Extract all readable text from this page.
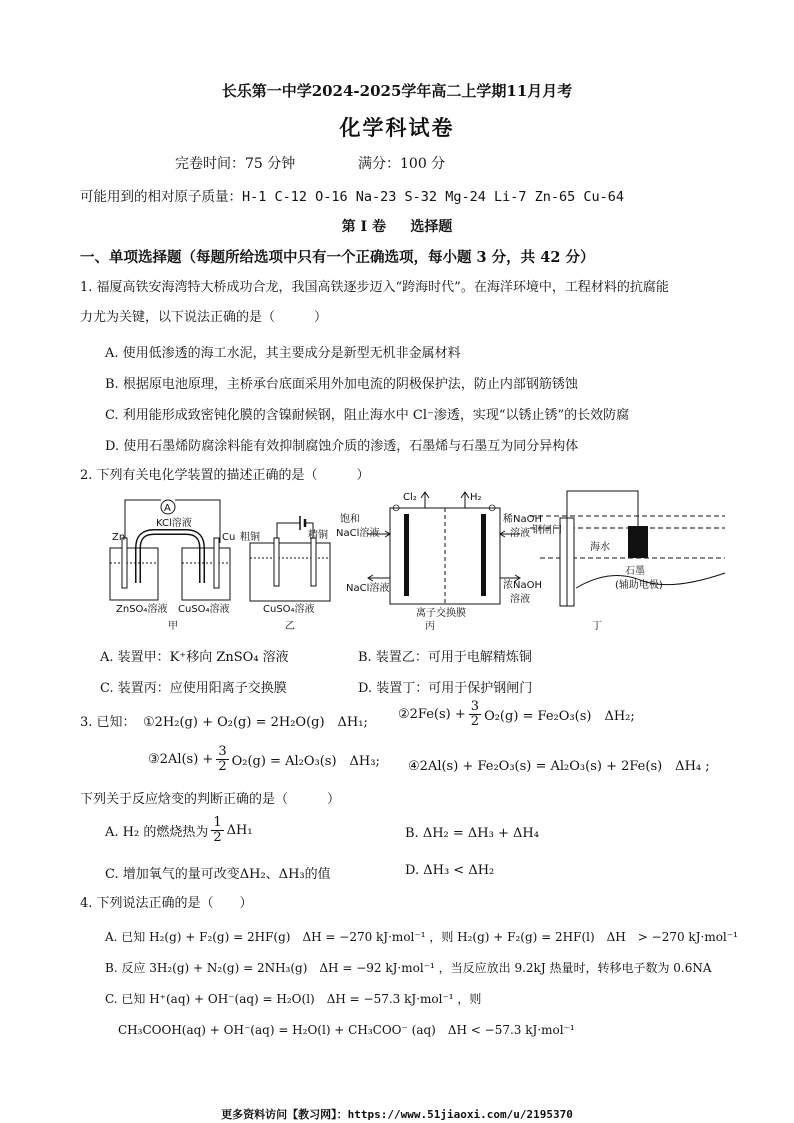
长乐第一中学2024-2025学年高二上学期11月月考
化学科试卷
完卷时间：75 分钟	满分：100 分
可能用到的相对原子质量：H-1 C-12 O-16 Na-23 S-32 Mg-24 Li-7 Zn-65 Cu-64
第 I 卷 选择题
一、单项选择题（每题所给选项中只有一个正确选项，每小题 3 分，共 42 分）
1. 福厦高铁安海湾特大桥成功合龙，我国高铁逐步迈入“跨海时代”。在海洋环境中，工程材料的抗腐能
力尤为关键，以下说法正确的是（　　　）
A. 使用低渗透的海工水泥，其主要成分是新型无机非金属材料
B. 根据原电池原理，主桥承台底面采用外加电流的阴极保护法，防止内部钢筋锈蚀
C. 利用能形成致密钝化膜的含镍耐候钢，阻止海水中 Cl⁻渗透，实现“以锈止锈”的长效防腐
D. 使用石墨烯防腐涂料能有效抑制腐蚀介质的渗透，石墨烯与石墨互为同分异构体
2. 下列有关电化学装置的描述正确的是（　　　）
A
KCl溶液
Zn	Cu
ZnSO₄溶液 CuSO₄溶液
甲
粗铜	精铜
CuSO₄溶液
乙
Cl₂	H₂
⊖	⊖
饱和
NaCl溶液
稀NaOH
溶液
NaCl溶液	浓NaOH
溶液
离子交换膜
丙
钢闸门
海水
石墨
(辅助电极)
丁
A. 装置甲：K⁺移向 ZnSO₄ 溶液	B. 装置乙：可用于电解精炼铜
C. 装置丙：应使用阳离子交换膜	D. 装置丁：可用于保护钢闸门
3. 已知： ①2H₂(g) + O₂(g) = 2H₂O(g)　ΔH₁;
②2Fe(s) + $\frac{3}{2} O_2(g) = Fe_2O_3(s)$　ΔH₂;
③2Al(s) + $\frac{3}{2} O_2(g) = Al_2O_3(s)$　ΔH₃; ④2Al(s) + Fe₂O₃(s) = Al₂O₃(s) + 2Fe(s)　ΔH₄ ;
下列关于反应焓变的判断正确的是（　　　）
A. H₂ 的燃烧热为 $\frac{1}{2} \Delta H_1$	B. ΔH₂ = ΔH₃ + ΔH₄
C. 增加氧气的量可改变ΔH₂、ΔH₃的值	D. ΔH₃ < ΔH₂
4. 下列说法正确的是（　　）
A. 已知 H₂(g) + F₂(g) = 2HF(g)　ΔH = −270 kJ·mol⁻¹ ，则 H₂(g) + F₂(g) = 2HF(l)　ΔH　> −270 kJ·mol⁻¹
B. 反应 3H₂(g) + N₂(g) = 2NH₃(g)　ΔH = −92 kJ·mol⁻¹ ，当反应放出 9.2kJ 热量时，转移电子数为 0.6NA
C. 已知 H⁺(aq) + OH⁻(aq) = H₂O(l)　ΔH = −57.3 kJ·mol⁻¹ ，则
CH₃COOH(aq) + OH⁻(aq) = H₂O(l) + CH₃COO⁻ (aq)　ΔH < −57.3 kJ·mol⁻¹
更多资料访问【教习网】：https://www.51jiaoxi.com/u/2195370
